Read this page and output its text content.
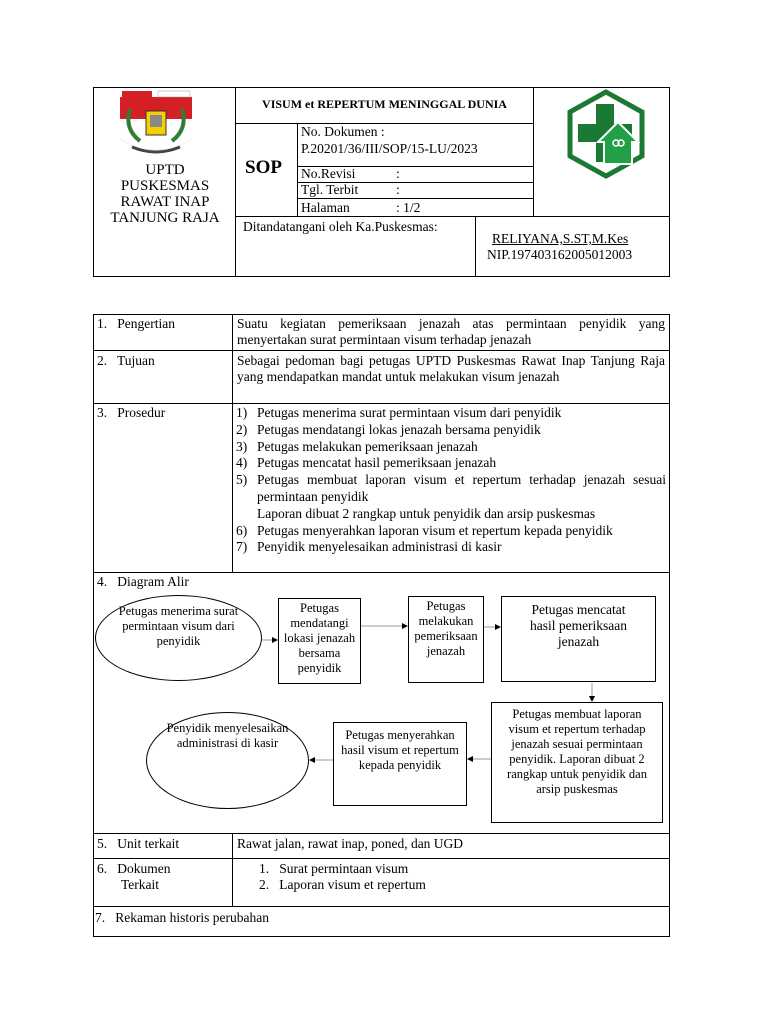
UPTD
PUSKESMAS
RAWAT INAP
TANJUNG RAJA
VISUM et REPERTUM MENINGGAL DUNIA
SOP
No. Dokumen :
P.20201/36/III/SOP/15-LU/2023
No.Revisi	:
Tgl. Terbit	:
Halaman	: 1/2
Ditandatangani oleh Ka.Puskesmas:
RELIYANA,S.ST,M.Kes
NIP.197403162005012003
1.   Pengertian	Suatu kegiatan pemeriksaan jenazah atas permintaan penyidik yang menyertakan surat permintaan visum terhadap jenazah
2.   Tujuan	Sebagai pedoman bagi petugas UPTD Puskesmas Rawat Inap Tanjung Raja yang mendapatkan mandat untuk melakukan visum jenazah
3.   Prosedur	1) Petugas menerima surat permintaan visum dari penyidik
2) Petugas mendatangi lokas jenazah bersama penyidik
3) Petugas melakukan pemeriksaan jenazah
4) Petugas mencatat hasil pemeriksaan jenazah
5) Petugas membuat laporan visum et repertum terhadap jenazah sesuai permintaan penyidik
Laporan dibuat 2 rangkap untuk penyidik dan arsip puskesmas
6) Petugas menyerahkan laporan visum et repertum kepada penyidik
7) Penyidik menyelesaikan administrasi di kasir
4.   Diagram Alir
Petugas menerima surat permintaan visum dari penyidik
Petugas mendatangi lokasi jenazah bersama penyidik
Petugas melakukan pemeriksaan jenazah
Petugas mencatat hasil pemeriksaan jenazah
Petugas membuat laporan visum et repertum terhadap jenazah sesuai permintaan penyidik. Laporan dibuat 2 rangkap untuk penyidik dan arsip puskesmas
Petugas menyerahkan hasil visum et repertum kepada penyidik
Penyidik menyelesaikan administrasi di kasir
5.   Unit terkait	Rawat jalan, rawat inap, poned, dan UGD
6.   Dokumen
Terkait
1.   Surat permintaan visum
2.   Laporan visum et repertum
7.   Rekaman historis perubahan
